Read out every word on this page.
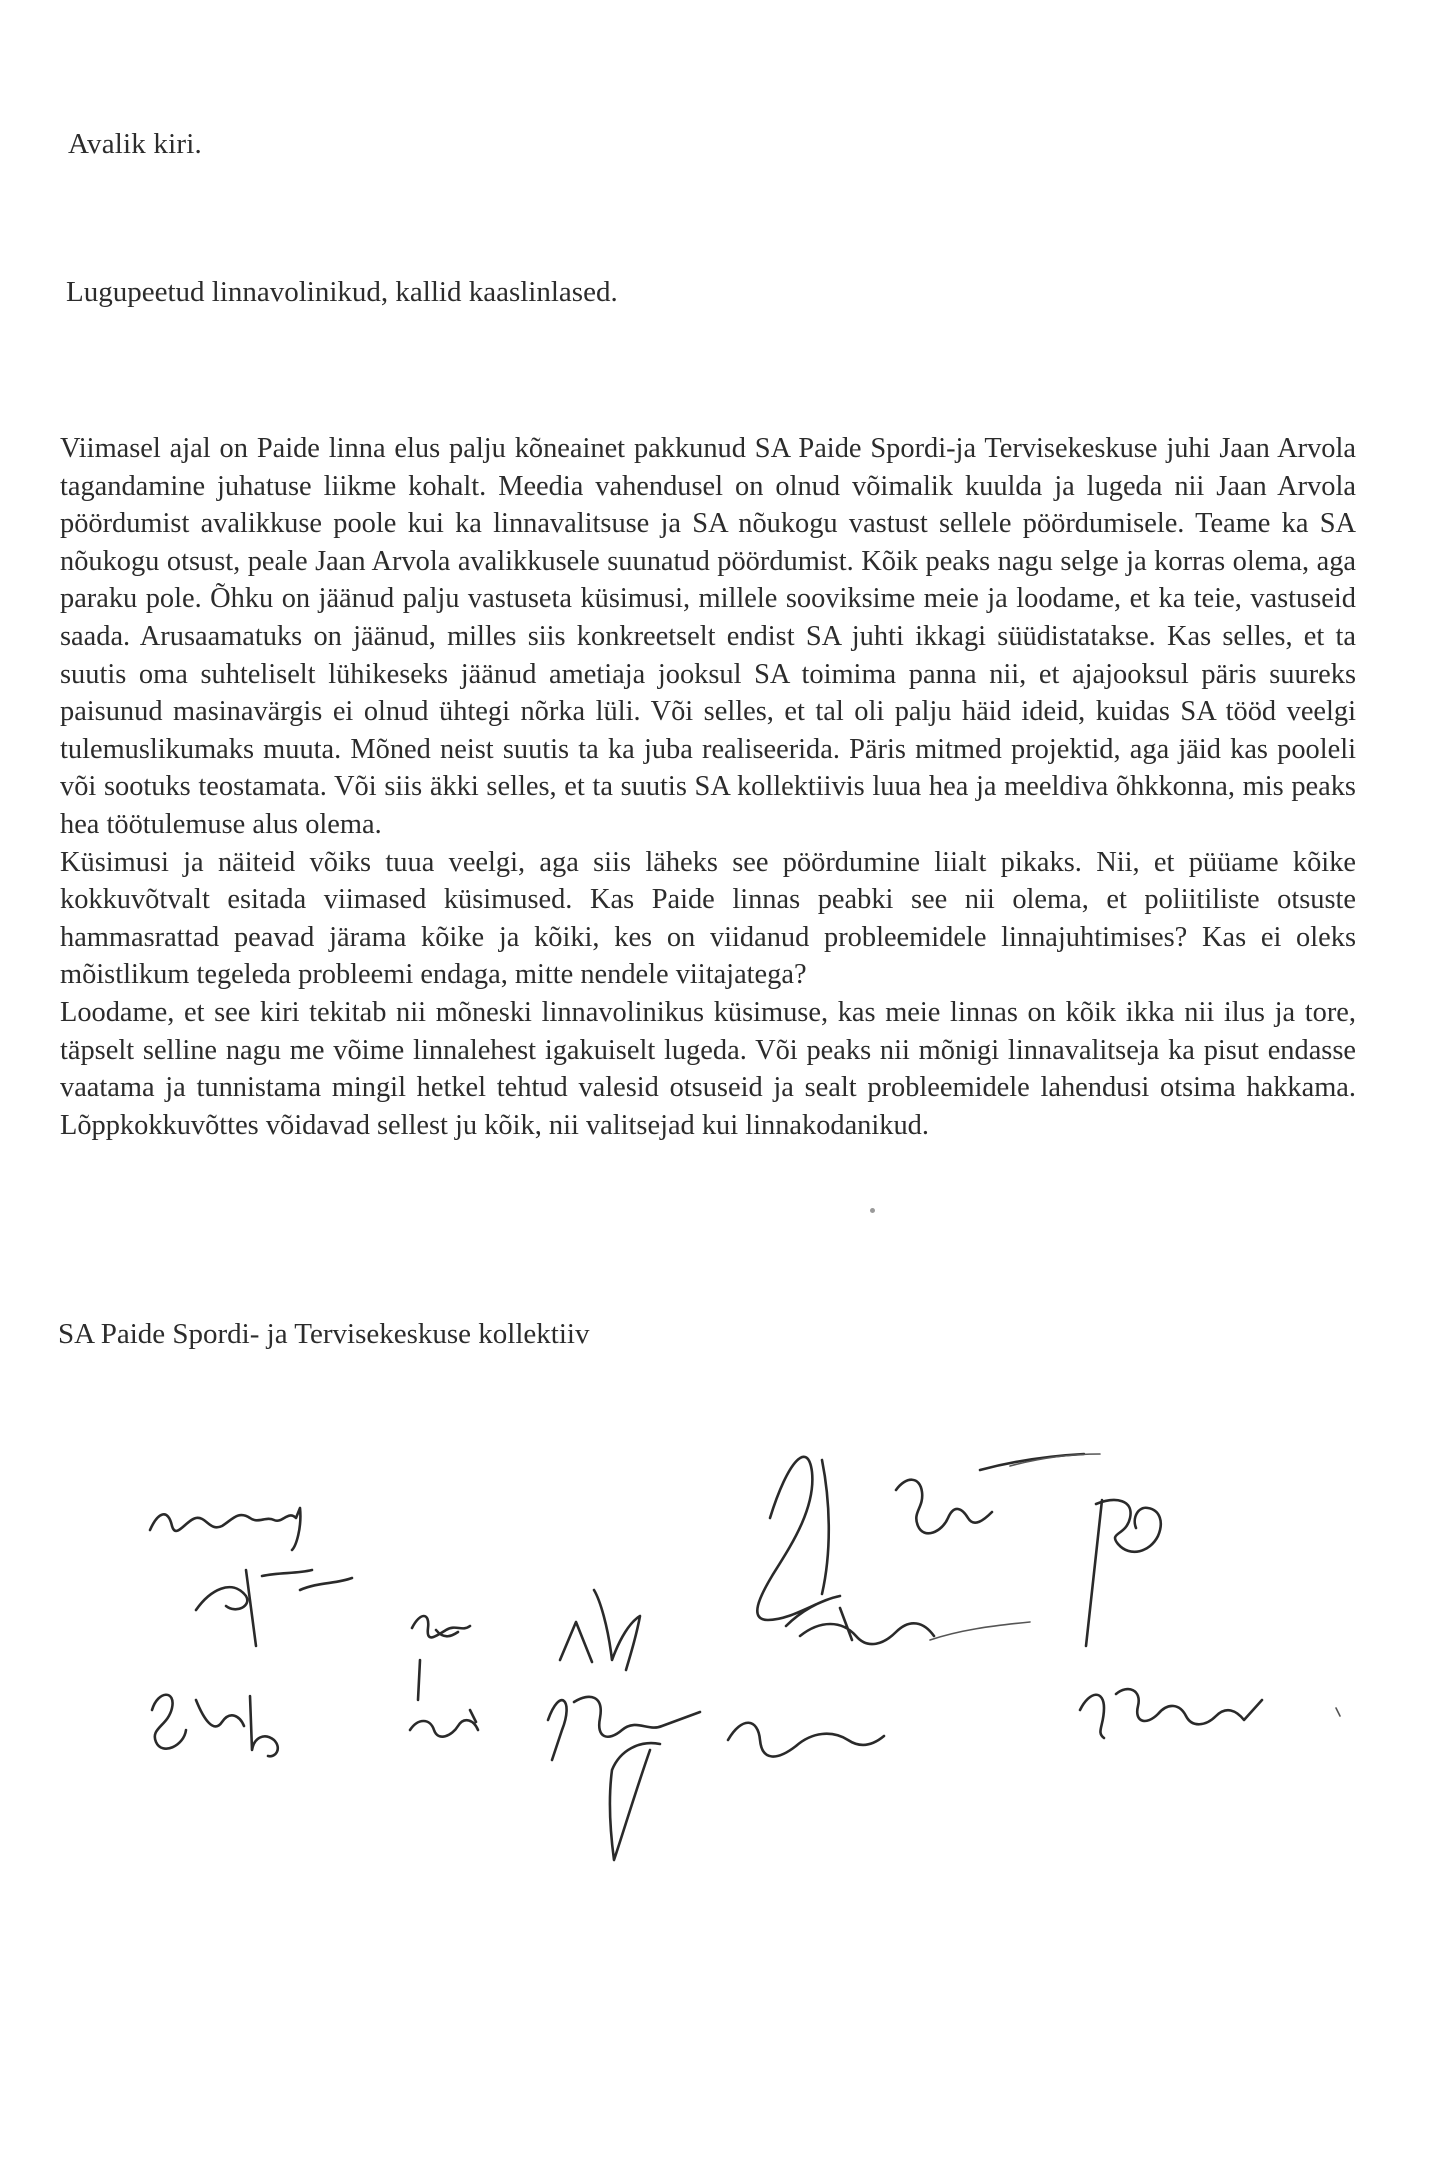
Avalik kiri.
Lugupeetud linnavolinikud, kallid kaaslinlased.

Viimasel ajal on Paide linna elus palju kõneainet pakkunud SA Paide Spordi-ja Tervisekeskuse juhi Jaan Arvola tagandamine juhatuse liikme kohalt. Meedia vahendusel on olnud võimalik kuulda ja lugeda nii Jaan Arvola pöördumist avalikkuse poole kui ka linnavalitsuse ja SA nõukogu vastust sellele pöördumisele. Teame ka SA nõukogu otsust, peale Jaan Arvola avalikkusele suunatud pöördumist. Kõik peaks nagu selge ja korras olema, aga paraku pole. Õhku on jäänud palju vastuseta küsimusi, millele sooviksime meie ja loodame, et ka teie, vastuseid saada. Arusaamatuks on jäänud, milles siis konkreetselt endist SA juhti ikkagi süüdistatakse. Kas selles, et ta suutis oma suhteliselt lühikeseks jäänud ametiaja jooksul SA toimima panna nii, et ajajooksul päris suureks paisunud masinavärgis ei olnud ühtegi nõrka lüli. Või selles, et tal oli palju häid ideid, kuidas SA tööd veelgi tulemuslikumaks muuta. Mõned neist suutis ta ka juba realiseerida. Päris mitmed projektid, aga jäid kas pooleli või sootuks teostamata. Või siis äkki selles, et ta suutis SA kollektiivis luua hea ja meeldiva õhkkonna, mis peaks hea töötulemuse alus olema.

Küsimusi ja näiteid võiks tuua veelgi, aga siis läheks see pöördumine liialt pikaks. Nii, et püüame kõike kokkuvõtvalt esitada viimased küsimused. Kas Paide linnas peabki see nii olema, et poliitiliste otsuste hammasrattad peavad järama kõike ja kõiki, kes on viidanud probleemidele linnajuhtimises? Kas ei oleks mõistlikum tegeleda probleemi endaga, mitte nendele viitajatega?

Loodame, et see kiri tekitab nii mõneski linnavolinikus küsimuse, kas meie linnas on kõik ikka nii ilus ja tore, täpselt selline nagu me võime linnalehest igakuiselt lugeda. Või peaks nii mõnigi linnavalitseja ka pisut endasse vaatama ja tunnistama mingil hetkel tehtud valesid otsuseid ja sealt probleemidele lahendusi otsima hakkama. Lõppkokkuvõttes võidavad sellest ju kõik, nii valitsejad kui linnakodanikud.

SA Paide Spordi- ja Tervisekeskuse kollektiiv
